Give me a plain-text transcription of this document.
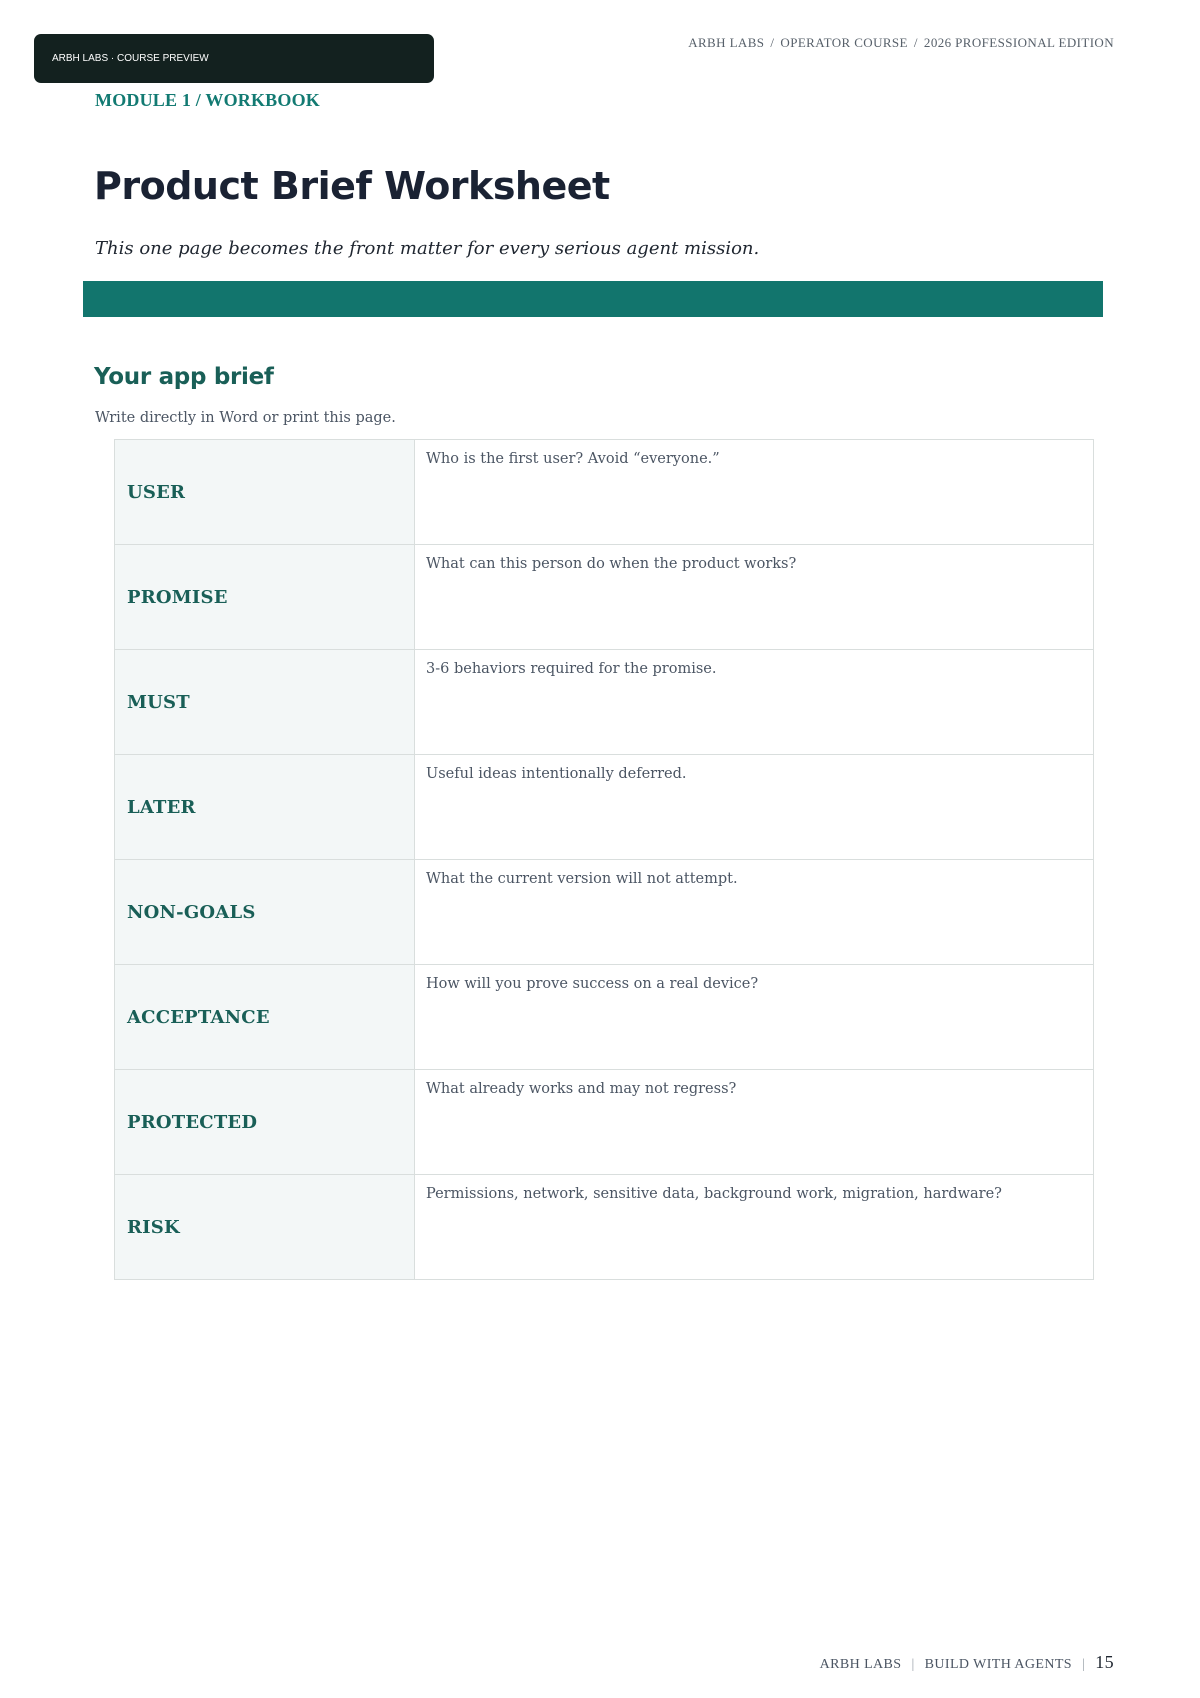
ARBH LABS · COURSE PREVIEW
ARBH LABS / OPERATOR COURSE / 2026 PROFESSIONAL EDITION
MODULE 1 / WORKBOOK
Product Brief Worksheet

This one page becomes the front matter for every serious agent mission.

Your app brief

Write directly in Word or print this page.

USER	Who is the first user? Avoid “everyone.”
PROMISE	What can this person do when the product works?
MUST	3-6 behaviors required for the promise.
LATER	Useful ideas intentionally deferred.
NON-GOALS	What the current version will not attempt.
ACCEPTANCE	How will you prove success on a real device?
PROTECTED	What already works and may not regress?
RISK	Permissions, network, sensitive data, background work, migration, hardware?
ARBH LABS | BUILD WITH AGENTS | 15
